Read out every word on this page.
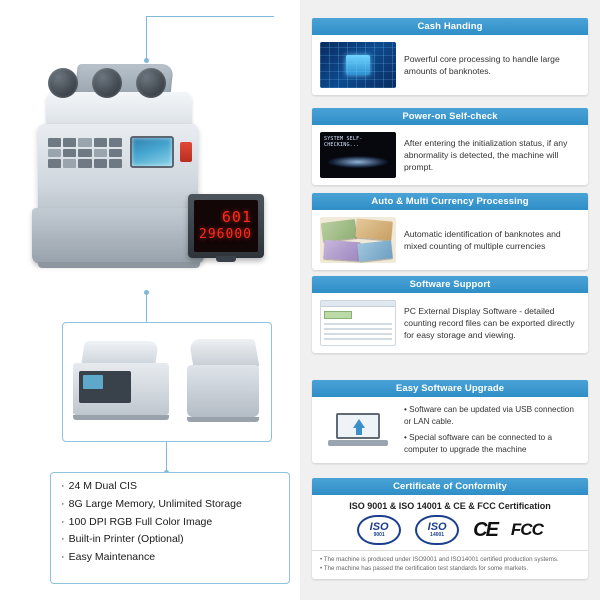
601
296000
· 24 M Dual CIS
· 8G Large Memory, Unlimited Storage
· 100 DPI RGB Full Color Image
· Built-in Printer (Optional)
· Easy Maintenance
Cash Handing
Powerful core processing to handle large amounts of banknotes.
Power-on Self-check
SYSTEM SELF-CHECKING...	After entering the initialization status, if any abnormality is detected, the machine will prompt.
Auto & Multi Currency Processing
Automatic identification of banknotes and mixed counting of multiple currencies
Software Support
PC External Display Software - detailed counting record files can be exported directly for easy storage and viewing.
Easy Software Upgrade
• Software can be updated via USB connection or LAN cable.
• Special software can be connected to a computer to upgrade the machine
Certificate of Conformity
ISO 9001 & ISO 14001 & CE & FCC Certification
ISO
9001
ISO
14001 CE FCC
• The machine is produced under ISO9001 and ISO14001 certified production systems.
• The machine has passed the certification test standards for some markets.
